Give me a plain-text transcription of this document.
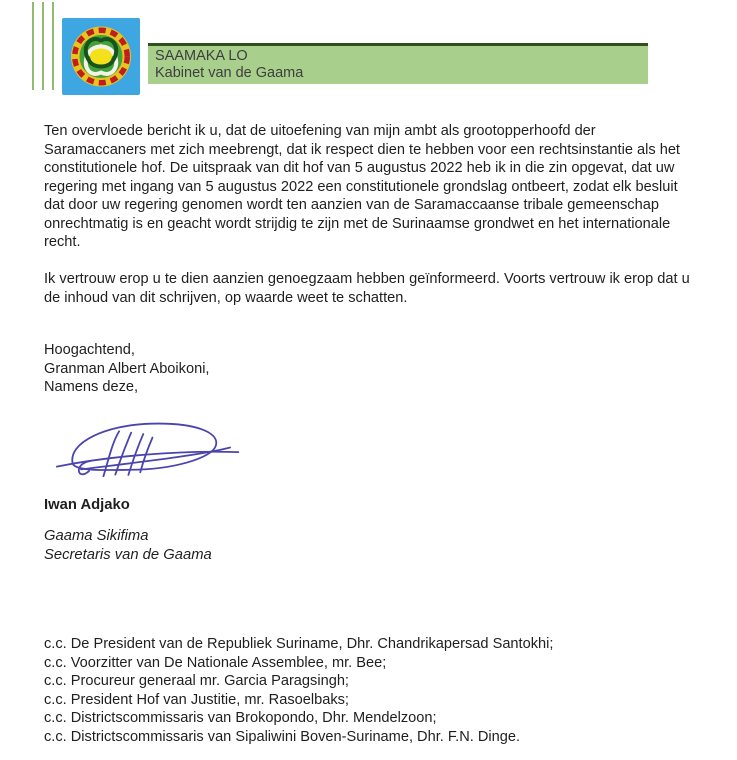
SAAMAKA LO
Kabinet van de Gaama
Ten overvloede bericht ik u, dat de uitoefening van mijn ambt als grootopperhoofd der
Saramaccaners met zich meebrengt, dat ik respect dien te hebben voor een rechtsinstantie als het
constitutionele hof. De uitspraak van dit hof van 5 augustus 2022 heb ik in die zin opgevat, dat uw
regering met ingang van 5 augustus 2022 een constitutionele grondslag ontbeert, zodat elk besluit
dat door uw regering genomen wordt ten aanzien van de Saramaccaanse tribale gemeenschap
onrechtmatig is en geacht wordt strijdig te zijn met de Surinaamse grondwet en het internationale
recht.
Ik vertrouw erop u te dien aanzien genoegzaam hebben geïnformeerd. Voorts vertrouw ik erop dat u
de inhoud van dit schrijven, op waarde weet te schatten.
Hoogachtend,
Granman Albert Aboikoni,
Namens deze,
Iwan Adjako
Gaama Sikifima
Secretaris van de Gaama
c.c. De President van de Republiek Suriname, Dhr. Chandrikapersad Santokhi;
c.c. Voorzitter van De Nationale Assemblee, mr. Bee;
c.c. Procureur generaal mr. Garcia Paragsingh;
c.c. President Hof van Justitie, mr. Rasoelbaks;
c.c. Districtscommissaris van Brokopondo, Dhr. Mendelzoon;
c.c. Districtscommissaris van Sipaliwini Boven-Suriname, Dhr. F.N. Dinge.
